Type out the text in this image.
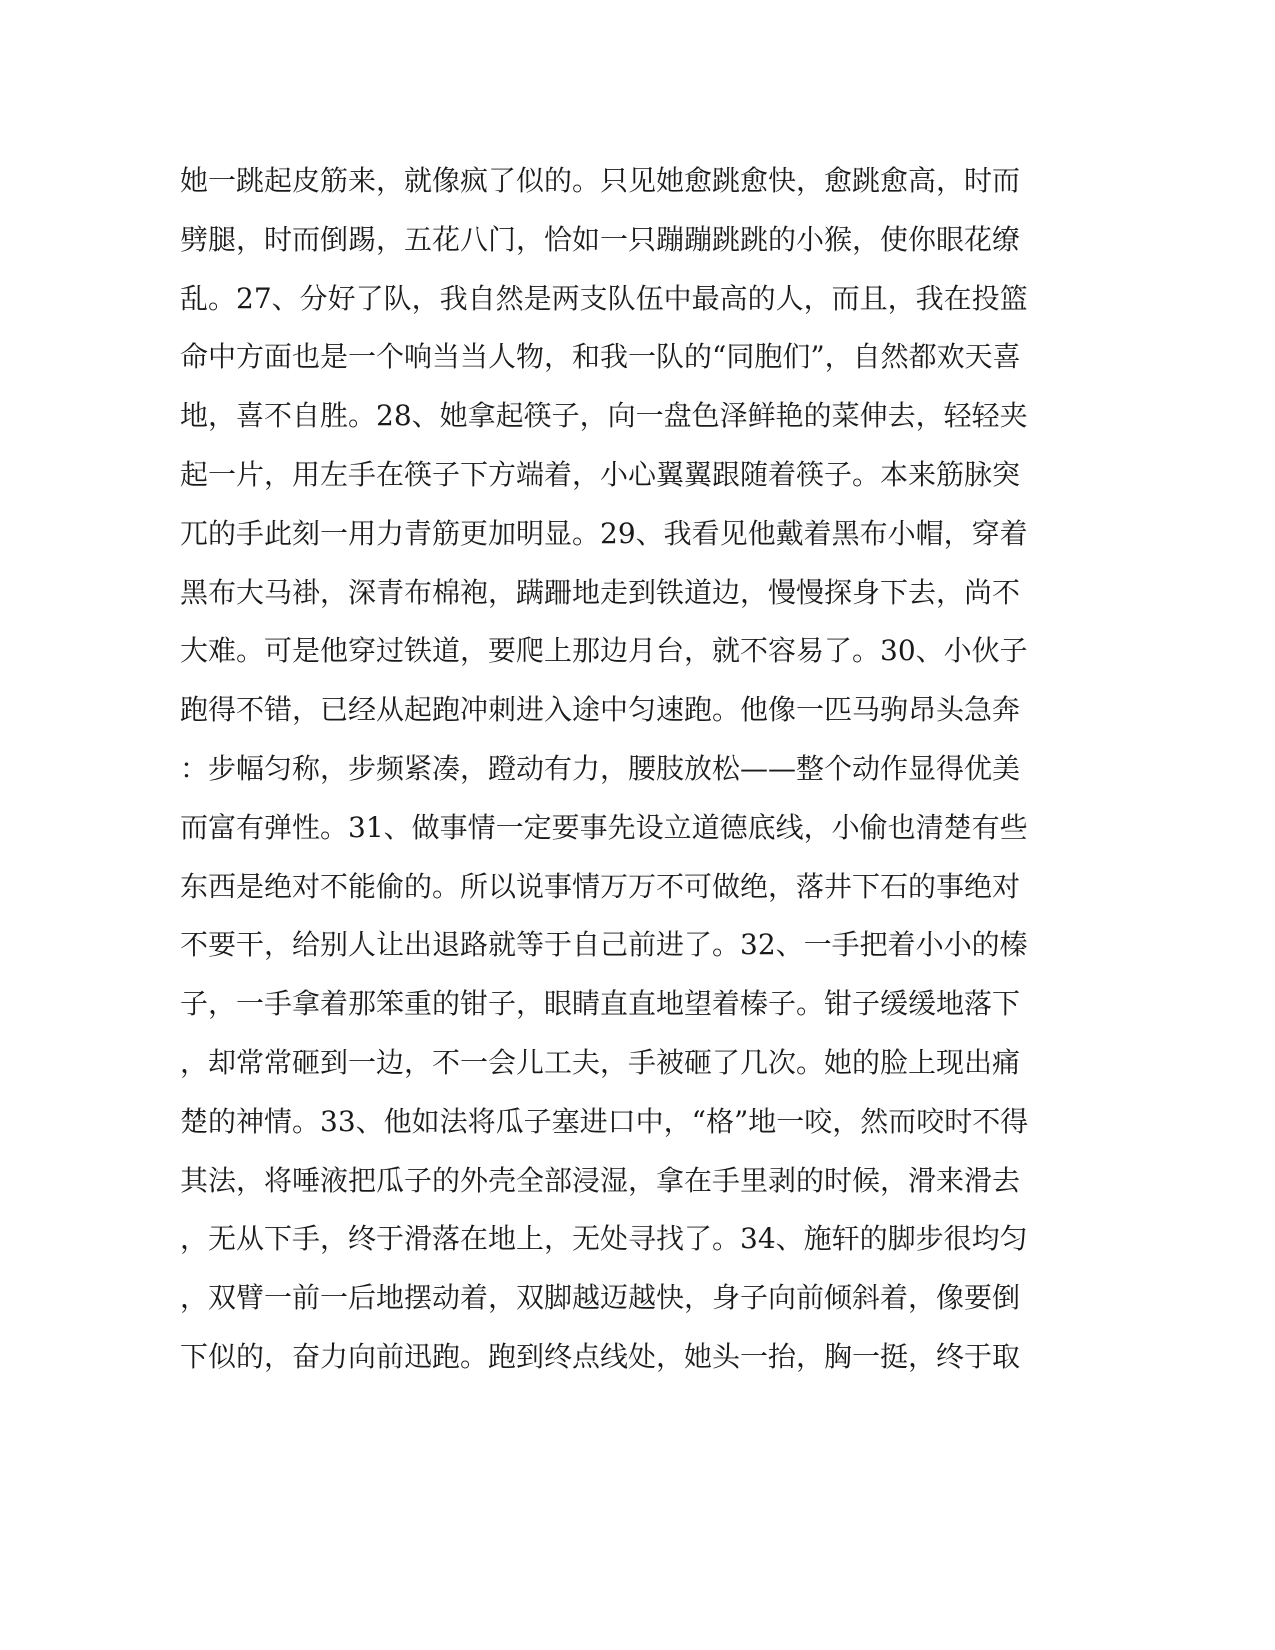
她一跳起皮筋来，就像疯了似的。只见她愈跳愈快，愈跳愈高，时而
劈腿，时而倒踢，五花八门，恰如一只蹦蹦跳跳的小猴，使你眼花缭
乱。27、分好了队，我自然是两支队伍中最高的人，而且，我在投篮
命中方面也是一个响当当人物，和我一队的“同胞们”，自然都欢天喜
地，喜不自胜。28、她拿起筷子，向一盘色泽鲜艳的菜伸去，轻轻夹
起一片，用左手在筷子下方端着，小心翼翼跟随着筷子。本来筋脉突
兀的手此刻一用力青筋更加明显。29、我看见他戴着黑布小帽，穿着
黑布大马褂，深青布棉袍，蹒跚地走到铁道边，慢慢探身下去，尚不
大难。可是他穿过铁道，要爬上那边月台，就不容易了。30、小伙子
跑得不错，已经从起跑冲刺进入途中匀速跑。他像一匹马驹昂头急奔
：步幅匀称，步频紧凑，蹬动有力，腰肢放松——整个动作显得优美
而富有弹性。31、做事情一定要事先设立道德底线，小偷也清楚有些
东西是绝对不能偷的。所以说事情万万不可做绝，落井下石的事绝对
不要干，给别人让出退路就等于自己前进了。32、一手把着小小的榛
子，一手拿着那笨重的钳子，眼睛直直地望着榛子。钳子缓缓地落下
，却常常砸到一边，不一会儿工夫，手被砸了几次。她的脸上现出痛
楚的神情。33、他如法将瓜子塞进口中，“格”地一咬，然而咬时不得
其法，将唾液把瓜子的外壳全部浸湿，拿在手里剥的时候，滑来滑去
，无从下手，终于滑落在地上，无处寻找了。34、施轩的脚步很均匀
，双臂一前一后地摆动着，双脚越迈越快，身子向前倾斜着，像要倒
下似的，奋力向前迅跑。跑到终点线处，她头一抬，胸一挺，终于取
